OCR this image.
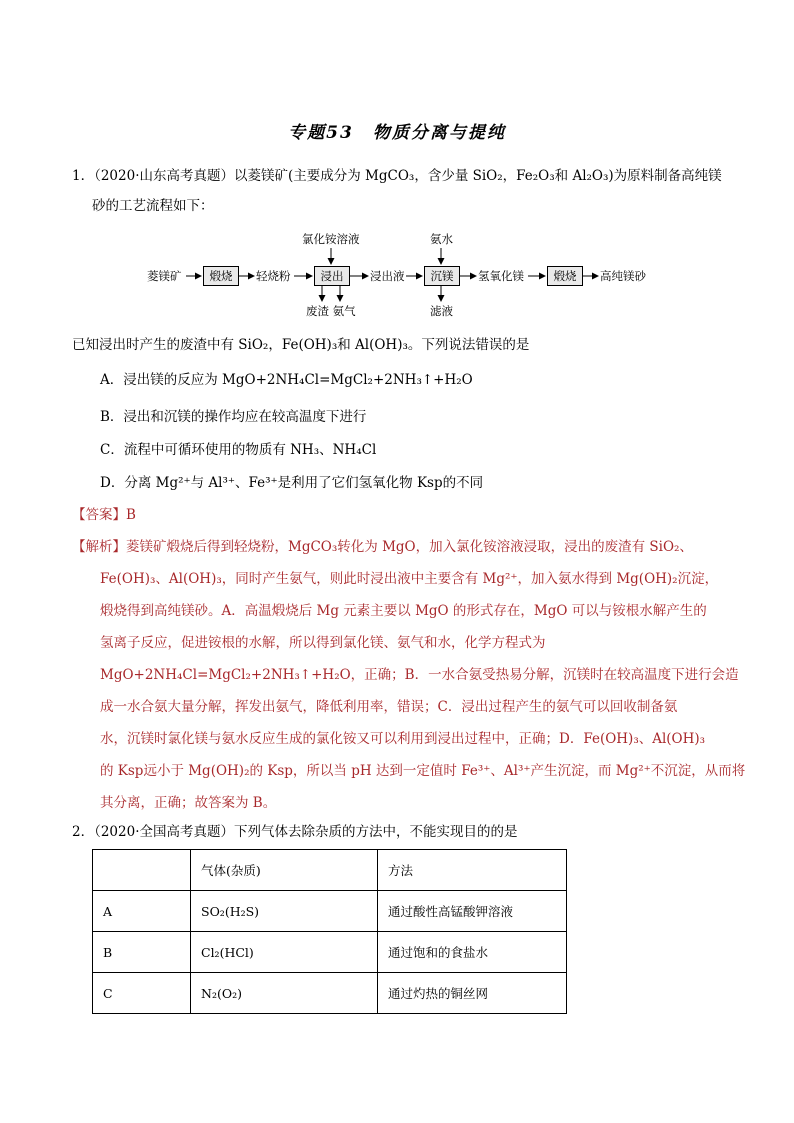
专题53　物质分离与提纯
1．（2020·山东高考真题）以菱镁矿(主要成分为 MgCO₃，含少量 SiO₂，Fe₂O₃和 Al₂O₃)为原料制备高纯镁
砂的工艺流程如下：
菱镁矿	煅烧	轻烧粉
氯化铵溶液
浸出
废渣 氨气
浸出液
氨水
沉镁
滤液
氢氧化镁	煅烧	高纯镁砂
已知浸出时产生的废渣中有 SiO₂，Fe(OH)₃和 Al(OH)₃。下列说法错误的是
A．浸出镁的反应为 MgO+2NH₄Cl=MgCl₂+2NH₃↑+H₂O
B．浸出和沉镁的操作均应在较高温度下进行
C．流程中可循环使用的物质有 NH₃、NH₄Cl
D．分离 Mg²⁺与 Al³⁺、Fe³⁺是利用了它们氢氧化物 Ksp的不同
【答案】B
【解析】菱镁矿煅烧后得到轻烧粉，MgCO₃转化为 MgO，加入氯化铵溶液浸取，浸出的废渣有 SiO₂、
Fe(OH)₃、Al(OH)₃，同时产生氨气，则此时浸出液中主要含有 Mg²⁺，加入氨水得到 Mg(OH)₂沉淀，
煅烧得到高纯镁砂。A．高温煅烧后 Mg 元素主要以 MgO 的形式存在，MgO 可以与铵根水解产生的
氢离子反应，促进铵根的水解，所以得到氯化镁、氨气和水，化学方程式为
MgO+2NH₄Cl=MgCl₂+2NH₃↑+H₂O，正确；B．一水合氨受热易分解，沉镁时在较高温度下进行会造
成一水合氨大量分解，挥发出氨气，降低利用率，错误；C．浸出过程产生的氨气可以回收制备氨
水，沉镁时氯化镁与氨水反应生成的氯化铵又可以利用到浸出过程中，正确；D．Fe(OH)₃、Al(OH)₃
的 Ksp远小于 Mg(OH)₂的 Ksp，所以当 pH 达到一定值时 Fe³⁺、Al³⁺产生沉淀，而 Mg²⁺不沉淀，从而将
其分离，正确；故答案为 B。
2．（2020·全国高考真题）下列气体去除杂质的方法中，不能实现目的的是
	气体(杂质)	方法
A	SO₂(H₂S)	通过酸性高锰酸钾溶液
B	Cl₂(HCl)	通过饱和的食盐水
C	N₂(O₂)	通过灼热的铜丝网
